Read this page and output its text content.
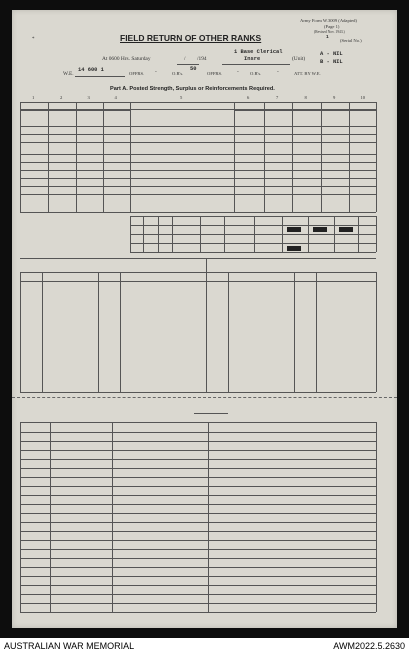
Army Form W.3009 (Adapted)
(Page 1)
(Revised Nov. 1943.)
1
(Serial No.)
*	FIELD RETURN OF OTHER RANKS
At 0600 Hrs. Saturday	/ /194
1 Base Clerical
Insre	(Unit)
A - NIL
B - NIL
W.E.
14 600 1
OFFRS. -	O.R's.
50
OFFRS.	- O.R's.	-	ATT. BY W.E.
Part A. Posted Strength, Surplus or Reinforcements Required.
1	2	3	4	5	6	7	8	9	10
AUSTRALIAN WAR MEMORIAL	AWM2022.5.2630
